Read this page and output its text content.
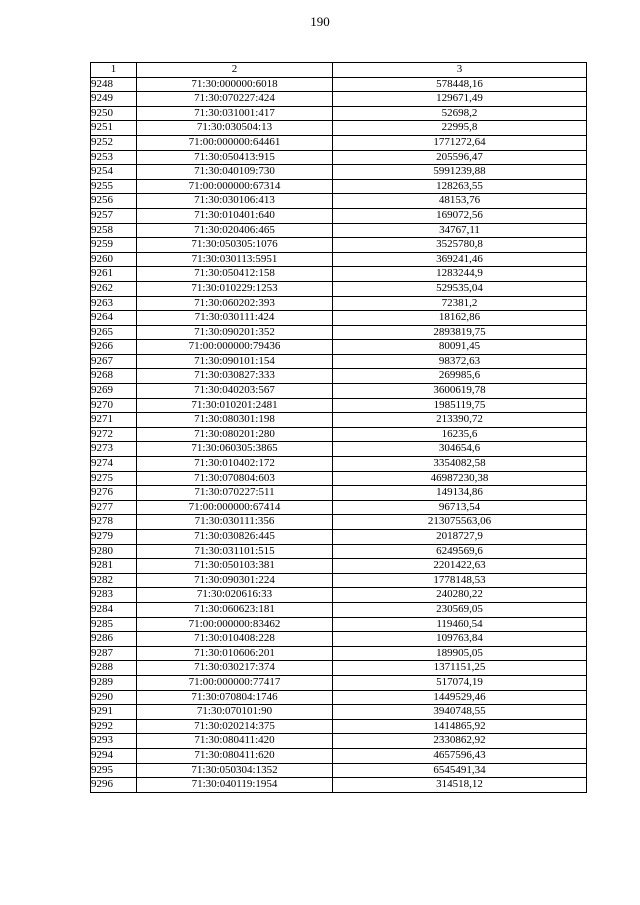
190
1	2	3
9248	71:30:000000:6018	578448,16
9249	71:30:070227:424	129671,49
9250	71:30:031001:417	52698,2
9251	71:30:030504:13	22995,8
9252	71:00:000000:64461	1771272,64
9253	71:30:050413:915	205596,47
9254	71:30:040109:730	5991239,88
9255	71:00:000000:67314	128263,55
9256	71:30:030106:413	48153,76
9257	71:30:010401:640	169072,56
9258	71:30:020406:465	34767,11
9259	71:30:050305:1076	3525780,8
9260	71:30:030113:5951	369241,46
9261	71:30:050412:158	1283244,9
9262	71:30:010229:1253	529535,04
9263	71:30:060202:393	72381,2
9264	71:30:030111:424	18162,86
9265	71:30:090201:352	2893819,75
9266	71:00:000000:79436	80091,45
9267	71:30:090101:154	98372,63
9268	71:30:030827:333	269985,6
9269	71:30:040203:567	3600619,78
9270	71:30:010201:2481	1985119,75
9271	71:30:080301:198	213390,72
9272	71:30:080201:280	16235,6
9273	71:30:060305:3865	304654,6
9274	71:30:010402:172	3354082,58
9275	71:30:070804:603	46987230,38
9276	71:30:070227:511	149134,86
9277	71:00:000000:67414	96713,54
9278	71:30:030111:356	213075563,06
9279	71:30:030826:445	2018727,9
9280	71:30:031101:515	6249569,6
9281	71:30:050103:381	2201422,63
9282	71:30:090301:224	1778148,53
9283	71:30:020616:33	240280,22
9284	71:30:060623:181	230569,05
9285	71:00:000000:83462	119460,54
9286	71:30:010408:228	109763,84
9287	71:30:010606:201	189905,05
9288	71:30:030217:374	1371151,25
9289	71:00:000000:77417	517074,19
9290	71:30:070804:1746	1449529,46
9291	71:30:070101:90	3940748,55
9292	71:30:020214:375	1414865,92
9293	71:30:080411:420	2330862,92
9294	71:30:080411:620	4657596,43
9295	71:30:050304:1352	6545491,34
9296	71:30:040119:1954	314518,12
